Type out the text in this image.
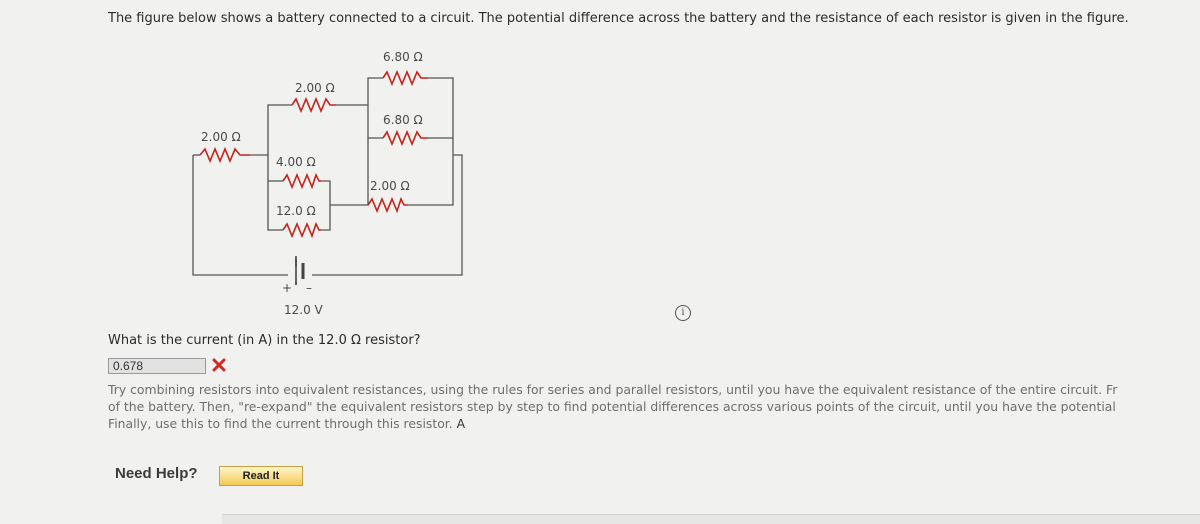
The figure below shows a battery connected to a circuit. The potential difference across the battery and the resistance of each resistor is given in the figure.
6.80 Ω
6.80 Ω
2.00 Ω
2.00 Ω
4.00 Ω
12.0 Ω
2.00 Ω
+ –
12.0 V	i
What is the current (in A) in the 12.0 Ω resistor?
0.678
Try combining resistors into equivalent resistances, using the rules for series and parallel resistors, until you have the equivalent resistance of the entire circuit. Fr
of the battery. Then, "re-expand" the equivalent resistors step by step to find potential differences across various points of the circuit, until you have the potential
Finally, use this to find the current through this resistor. A
Need Help?	Read It
